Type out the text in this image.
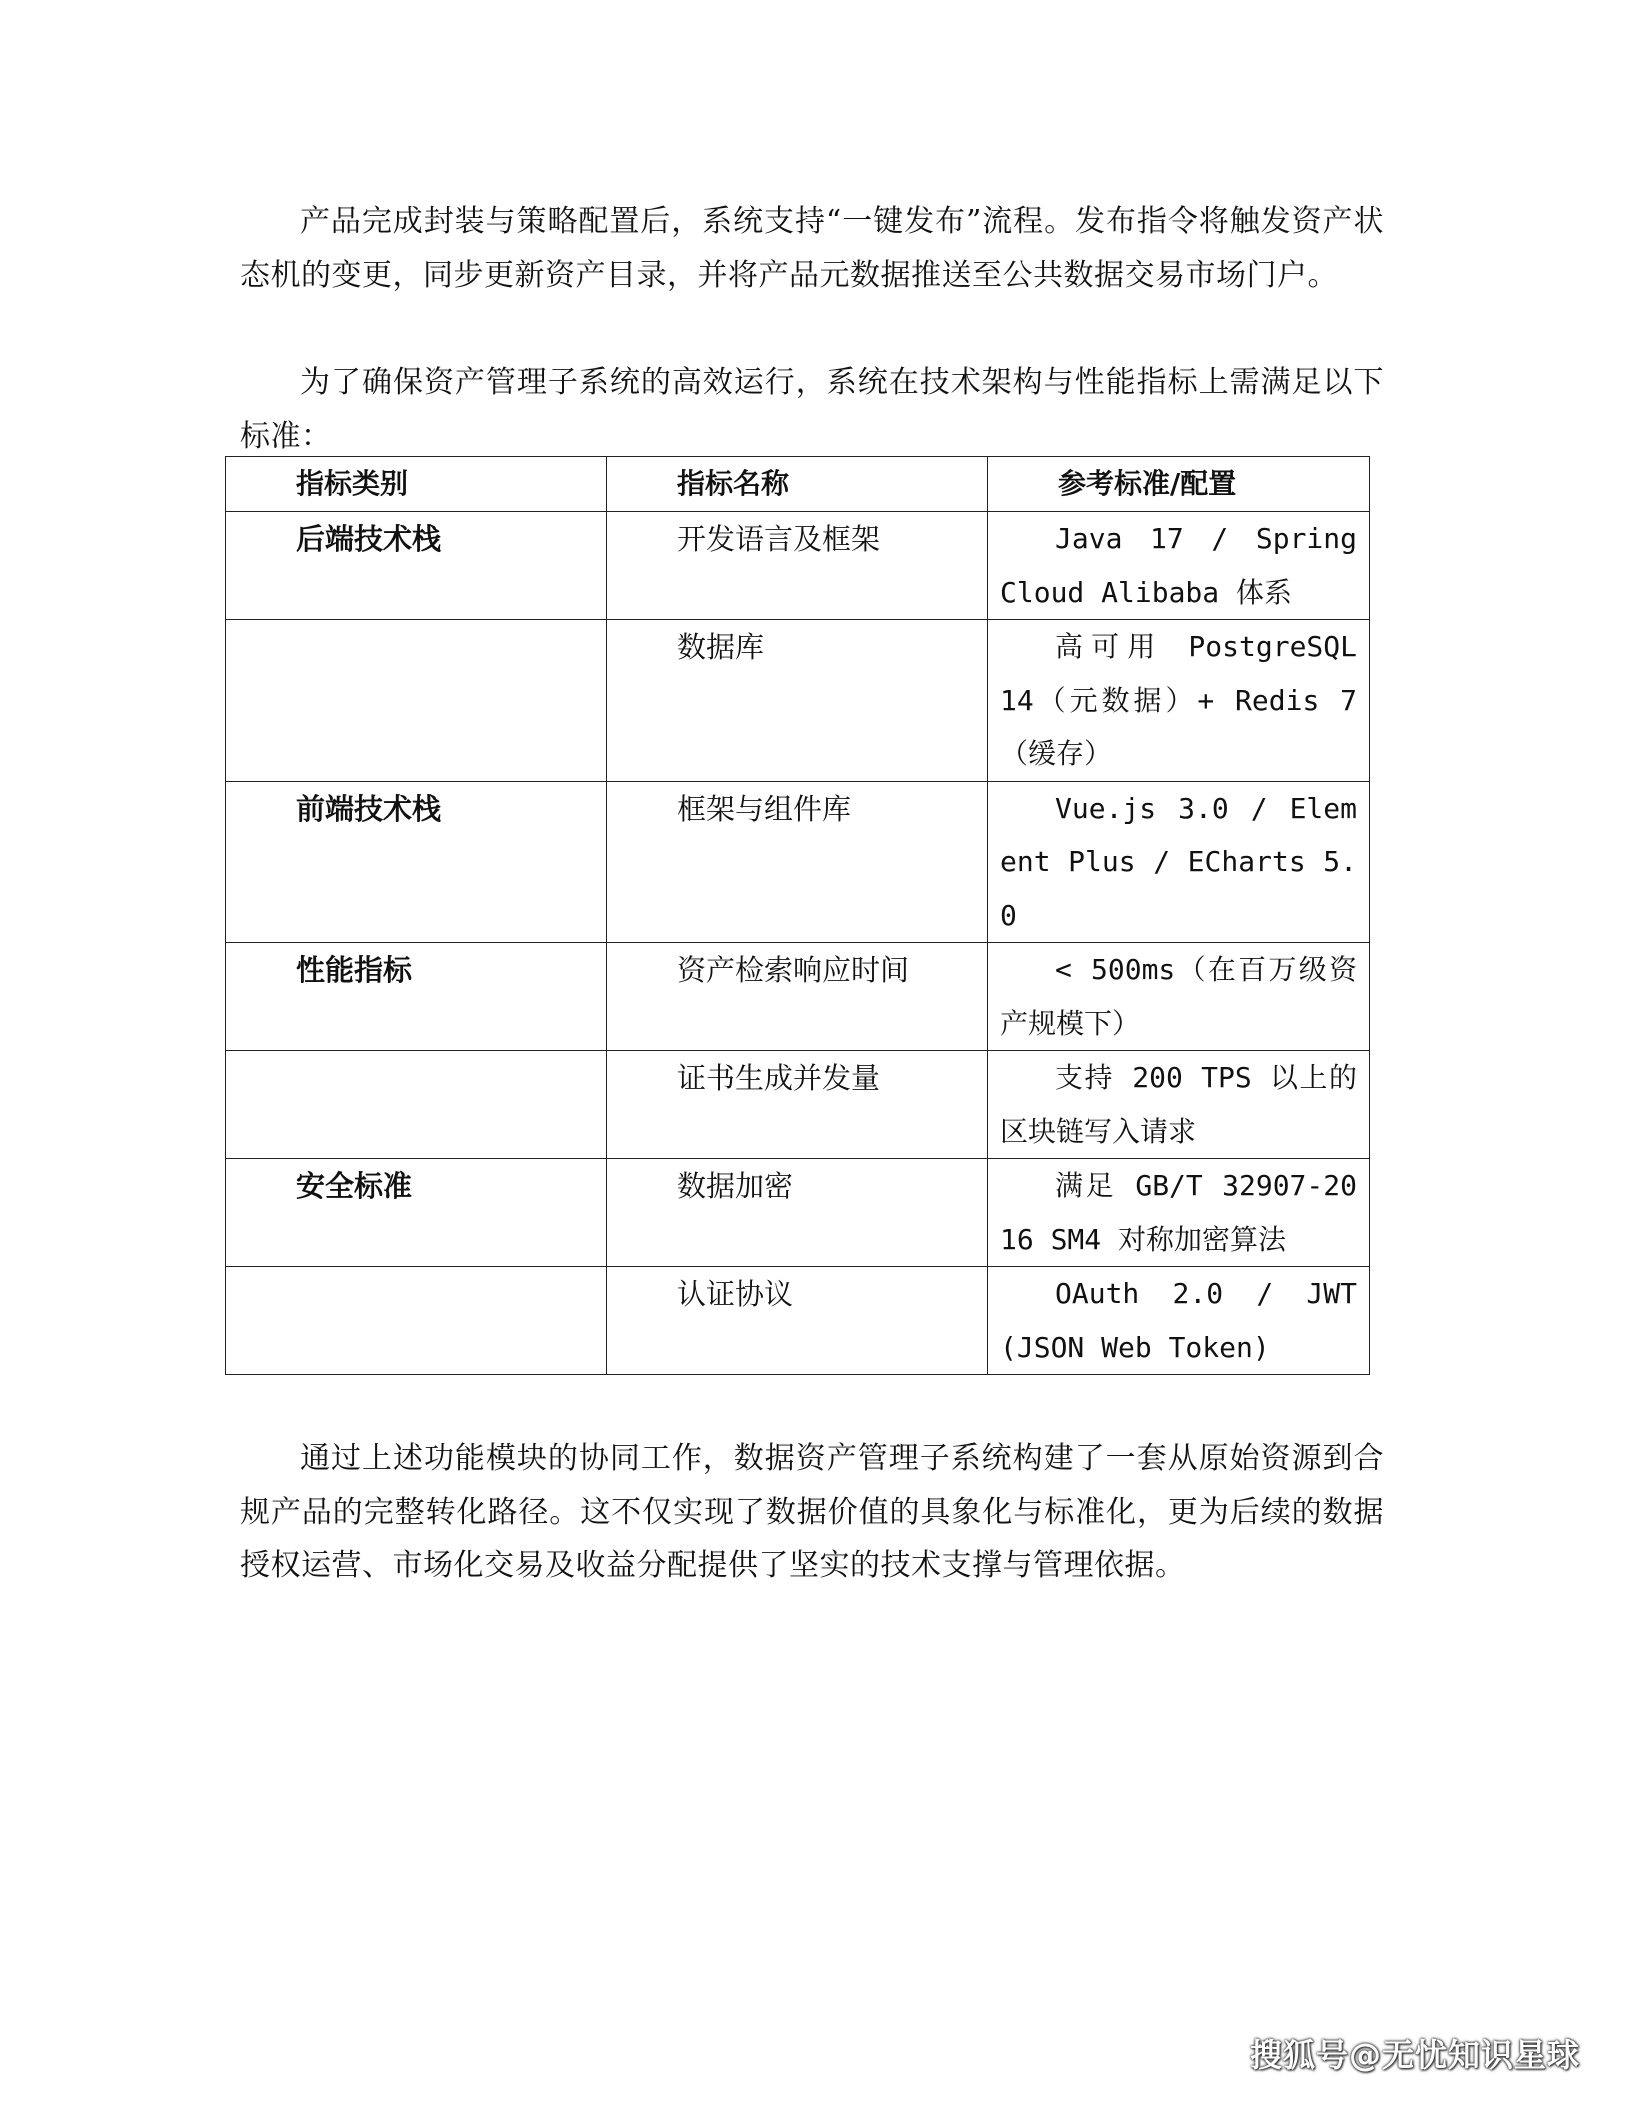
产品完成封装与策略配置后，系统支持“一键发布”流程。发布指令将触发资产状态机的变更，同步更新资产目录，并将产品元数据推送至公共数据交易市场门户。

为了确保资产管理子系统的高效运行，系统在技术架构与性能指标上需满足以下标准：

指标类别	指标名称	参考标准/配置
后端技术栈	开发语言及框架	Java 17 / Spring Cloud Alibaba 体系
	数据库	高可用 PostgreSQL 14（元数据）+ Redis 7（缓存）
前端技术栈	框架与组件库	Vue.js 3.0 / Element Plus / ECharts 5.0
性能指标	资产检索响应时间	< 500ms（在百万级资产规模下）
	证书生成并发量	支持 200 TPS 以上的区块链写入请求
安全标准	数据加密	满足 GB/T 32907-2016 SM4 对称加密算法
	认证协议	OAuth 2.0 / JWT (JSON Web Token)

通过上述功能模块的协同工作，数据资产管理子系统构建了一套从原始资源到合规产品的完整转化路径。这不仅实现了数据价值的具象化与标准化，更为后续的数据授权运营、市场化交易及收益分配提供了坚实的技术支撑与管理依据。

搜狐号@无忧知识星球
